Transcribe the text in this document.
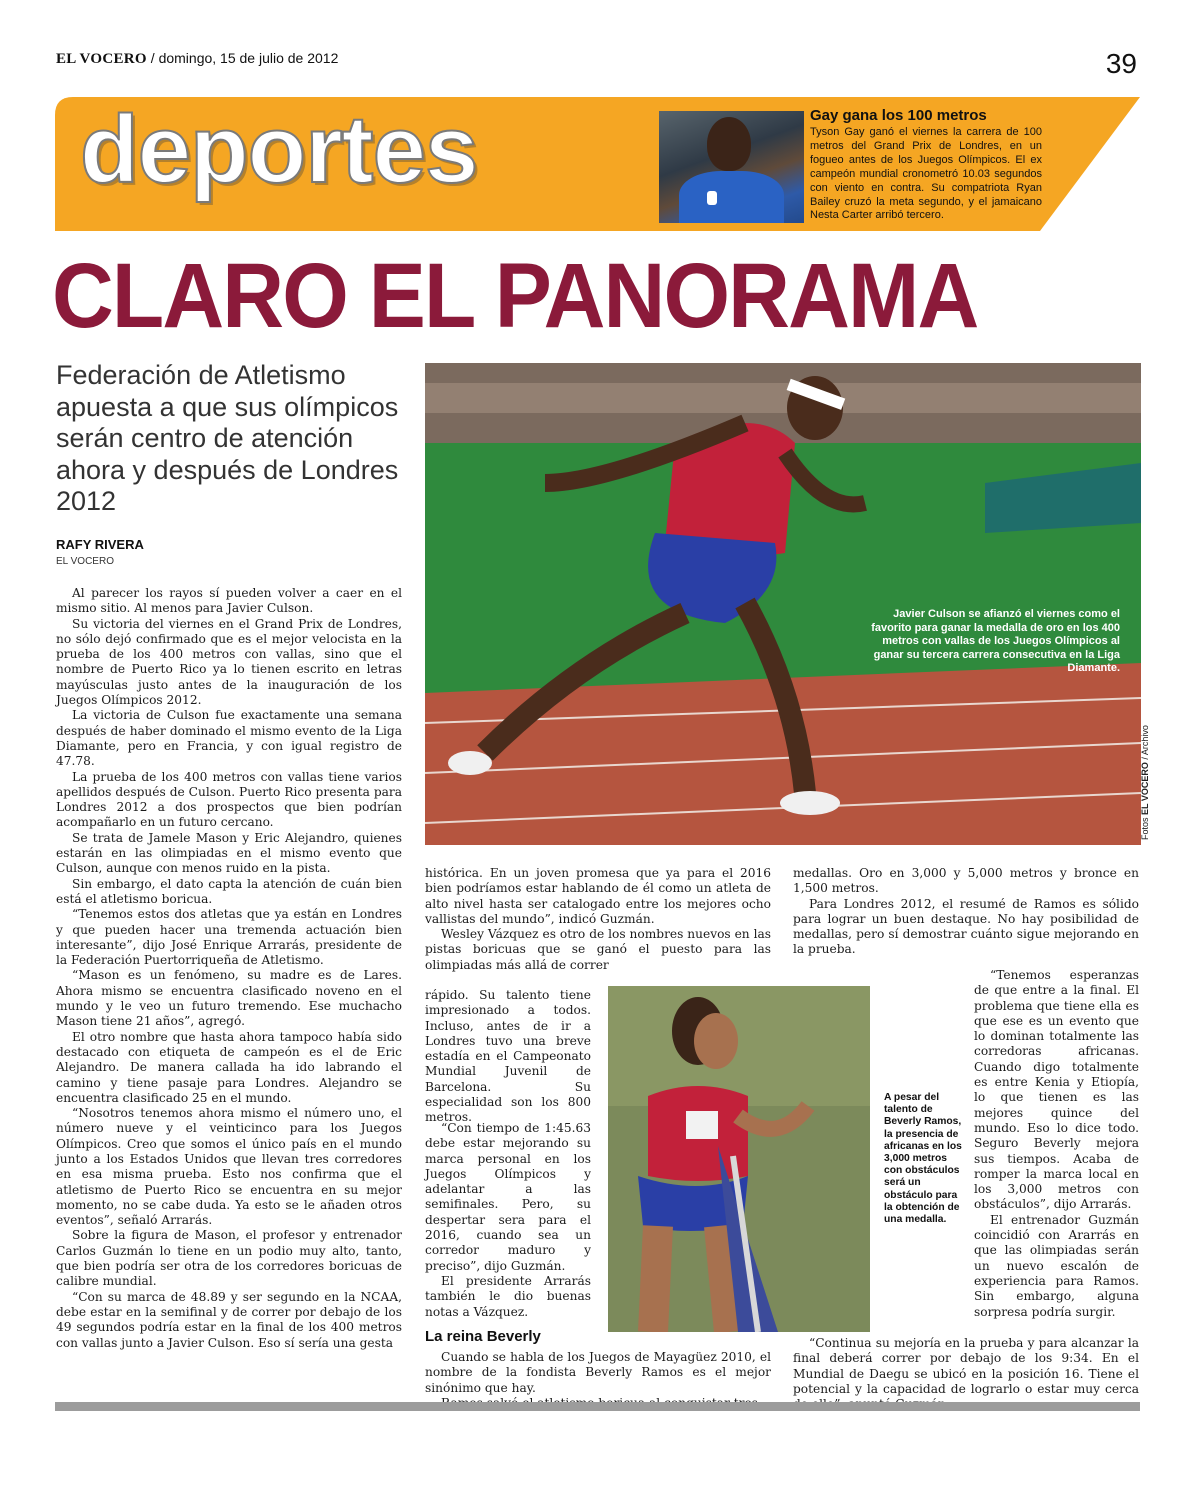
EL VOCERO / domingo, 15 de julio de 2012	39
deportes	Gay gana los 100 metros
Tyson Gay ganó el viernes la carrera de 100 metros del Grand Prix de Londres, en un fogueo antes de los Juegos Olímpicos. El ex campeón mundial cronometró 10.03 segundos con viento en contra. Su compatriota Ryan Bailey cruzó la meta segundo, y el jamaicano Nesta Carter arribó tercero.
CLARO EL PANORAMA
Federación de Atletismo apuesta a que sus olímpicos serán centro de atención ahora y después de Londres 2012
RAFY RIVERA
EL VOCERO
Javier Culson se afianzó el viernes como el favorito para ganar la medalla de oro en los 400 metros con vallas de los Juegos Olímpicos al ganar su tercera carrera consecutiva en la Liga Diamante.
Fotos EL VOCERO / Archivo

Al parecer los rayos sí pueden volver a caer en el mismo sitio. Al menos para Javier Culson.

Su victoria del viernes en el Grand Prix de Londres, no sólo dejó confirmado que es el mejor velocista en la prueba de los 400 metros con vallas, sino que el nombre de Puerto Rico ya lo tienen escrito en letras mayúsculas justo antes de la inauguración de los Juegos Olímpicos 2012.

La victoria de Culson fue exactamente una semana después de haber dominado el mismo evento de la Liga Diamante, pero en Francia, y con igual registro de 47.78.

La prueba de los 400 metros con vallas tiene varios apellidos después de Culson. Puerto Rico presenta para Londres 2012 a dos prospectos que bien podrían acompañarlo en un futuro cercano.

Se trata de Jamele Mason y Eric Alejandro, quienes estarán en las olimpiadas en el mismo evento que Culson, aunque con menos ruido en la pista.

Sin embargo, el dato capta la atención de cuán bien está el atletismo boricua.

“Tenemos estos dos atletas que ya están en Londres y que pueden hacer una tremenda actuación bien interesante”, dijo José Enrique Arrarás, presidente de la Federación Puertorriqueña de Atletismo.

“Mason es un fenómeno, su madre es de Lares. Ahora mismo se encuentra clasificado noveno en el mundo y le veo un futuro tremendo. Ese muchacho Mason tiene 21 años”, agregó.

El otro nombre que hasta ahora tampoco había sido destacado con etiqueta de campeón es el de Eric Alejandro. De manera callada ha ido labrando el camino y tiene pasaje para Londres. Alejandro se encuentra clasificado 25 en el mundo.

“Nosotros tenemos ahora mismo el número uno, el número nueve y el veinticinco para los Juegos Olímpicos. Creo que somos el único país en el mundo junto a los Estados Unidos que llevan tres corredores en esa misma prueba. Esto nos confirma que el atletismo de Puerto Rico se encuentra en su mejor momento, no se cabe duda. Ya esto se le añaden otros eventos”, señaló Arrarás.

Sobre la figura de Mason, el profesor y entrenador Carlos Guzmán lo tiene en un podio muy alto, tanto, que bien podría ser otra de los corredores boricuas de calibre mundial.

“Con su marca de 48.89 y ser segundo en la NCAA, debe estar en la semifinal y de correr por debajo de los 49 segundos podría estar en la final de los 400 metros con vallas junto a Javier Culson. Eso sí sería una gesta

histórica. En un joven promesa que ya para el 2016 bien podríamos estar hablando de él como un atleta de alto nivel hasta ser catalogado entre los mejores ocho vallistas del mundo”, indicó Guzmán.

Wesley Vázquez es otro de los nombres nuevos en las pistas boricuas que se ganó el puesto para las olimpiadas más allá de correr

rápido. Su talento tiene impresionado a todos. Incluso, antes de ir a Londres tuvo una breve estadía en el Campeonato Mundial Juvenil de Barcelona. Su especialidad son los 800 metros.

“Con tiempo de 1:45.63 debe estar mejorando su marca personal en los Juegos Olímpicos y adelantar a las semifinales. Pero, su despertar sera para el 2016, cuando sea un corredor maduro y preciso”, dijo Guzmán.

El presidente Arrarás también le dio buenas notas a Vázquez.

La reina Beverly

Cuando se habla de los Juegos de Mayagüez 2010, el nombre de la fondista Beverly Ramos es el mejor sinónimo que hay.

A pesar del talento de Beverly Ramos, la presencia de africanas en los 3,000 metros con obstáculos será un obstáculo para la obtención de una medalla.

medallas. Oro en 3,000 y 5,000 metros y bronce en 1,500 metros.

Para Londres 2012, el resumé de Ramos es sólido para lograr un buen destaque. No hay posibilidad de medallas, pero sí demostrar cuánto sigue mejorando en la prueba.

“Tenemos esperanzas de que entre a la final. El problema que tiene ella es que ese es un evento que lo dominan totalmente las corredoras africanas. Cuando digo totalmente es entre Kenia y Etiopía, lo que tienen es las mejores quince del mundo. Eso lo dice todo. Seguro Beverly mejora sus tiempos. Acaba de romper la marca local en los 3,000 metros con obstáculos”, dijo Arrarás.

El entrenador Guzmán coincidió con Ararrás en que las olimpiadas serán un nuevo escalón de experiencia para Ramos. Sin embargo, alguna sorpresa podría surgir.

“Continua su mejoría en la prueba y para alcanzar la final deberá correr por debajo de los 9:34. En el Mundial de Daegu se ubicó en la posición 16. Tiene el potencial y la capacidad de lograrlo o estar muy cerca
